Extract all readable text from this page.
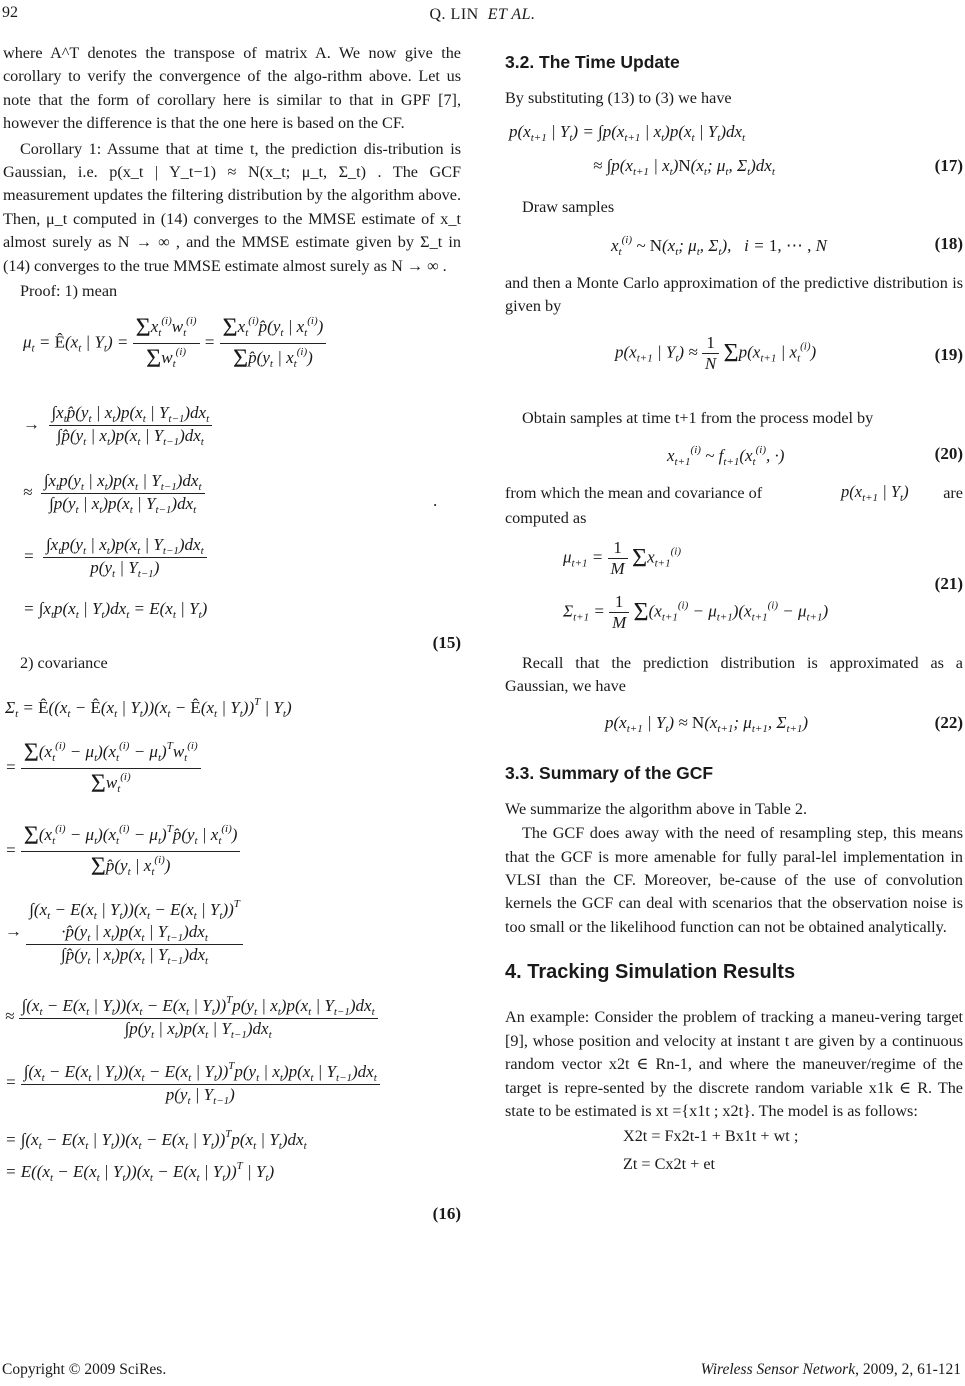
92	Q. LIN ET AL.

where A^T denotes the transpose of matrix A. We now give the corollary to verify the convergence of the algo-rithm above. Let us note that the form of corollary here is similar to that in GPF [7], however the difference is that the one here is based on the CF.

Corollary 1: Assume that at time t, the prediction dis-tribution is Gaussian, i.e. p(x_t | Y_t−1) ≈ N(x_t; μ_t, Σ_t) . The GCF measurement updates the filtering distribution by the algorithm above. Then, μ_t computed in (14) converges to the MMSE estimate of x_t almost surely as N → ∞ , and the MMSE estimate given by Σ_t in (14) converges to the true MMSE estimate almost surely as N → ∞ .

Proof: 1) mean

$\mu_t$ = $Ê(x_t$ | $Y_t) = \frac{\Sigma x_t^{(i)}w_t^{(i)}}{\Sigma w_t^{(i)}} = \frac{\Sigma x_t^{(i)}p̂(y_t | x_t^{(i)})}{\Sigma p̂(y_t | x_t^{(i)})}$
→ $\frac{\int x_tp̂(y_t | x_t)p(x_t | Y_{t-1})dx_t}{\int p̂(y_t | x_t)p(x_t | Y_{t-1})dx_t}$
≈ $\frac{\int x_tp(y_t | x_t)p(x_t | Y_{t-1})dx_t}{\int p(y_t | x_t)p(x_t | Y_{t-1})dx_t}$	.
= $\frac{\int x_tp(y_t | x_t)p(x_t | Y_{t-1})dx_t}{p(y_t | Y_{t-1})}$
= $\int x_tp(x_t$ | $Y_t)dx_t = E(x_t$ | $Y_t$)
(15)

2) covariance

$\Sigma_t$ = $Ê((x_t$ − $Ê(x_t$ | $Y_t))(x_t$ − $Ê(x_t$ | $Y_t))^T$ | $Y_t$)
= $\frac{\Sigma(x_t^{(i)} - \mu_t)(x_t^{(i)} - \mu_t)^Tw_t^{(i)}}{\Sigma w_t^{(i)}}$
= $\frac{\Sigma(x_t^{(i)} - \mu_t)(x_t^{(i)} - \mu_t)^Tp̂(y_t | x_t^{(i)})}{\Sigma p̂(y_t | x_t^{(i)})}$
→
$\int(x_t - E(x_t$ | $Y_t))(x_t - E(x_t$ | $Y_t))^T$
$\cdot p̂(y_t$ | $x_t)p(x_t$ | $Y_{t-1})dx_t$
$\int p̂(y_t$ | $x_t)p(x_t$ | $Y_{t-1})dx_t$
≈
$\int(x_t - E(x_t$ | $Y_t))(x_t - E(x_t$ | $Y_t))^Tp(y_t$ | $x_t)p(x_t$ | $Y_{t-1})dx_t$
$\int p(y_t$ | $x_t)p(x_t$ | $Y_{t-1})dx_t$
=
$\int(x_t - E(x_t$ | $Y_t))(x_t - E(x_t$ | $Y_t))^Tp(y_t$ | $x_t)p(x_t$ | $Y_{t-1})dx_t$
$p(y_t$ | $Y_{t-1}$)
= $\int(x_t - E(x_t$ | $Y_t))(x_t - E(x_t$ | $Y_t))^Tp(x_t$ | $Y_t)dx_t$
= $E((x_t - E(x_t$ | $Y_t))(x_t - E(x_t$ | $Y_t))^T$ | $Y_t$)
(16)

3.2. The Time Update

By substituting (13) to (3) we have

$p(x_{t+1}$ | $Y_t) = \int p(x_{t+1}$ | $x_t)p(x_t$ | $Y_t)dx_t$
≈ $\int p(x_{t+1}$ | $x_t)N(x_t$; $\mu_t$, $\Sigma_t)dx_t$	(17)

Draw samples

$x_t^{(i)}$ ~ $N(x_t$; $\mu_t$, $\Sigma_t$),   i = 1, ⋯ , N	(18)

and then a Monte Carlo approximation of the predictive distribution is given by

$p(x_{t+1}$ | $Y_t) \approx \frac{1}{N} \Sigma p(x_{t+1}$ | $x_t^{(i)}$)	(19)

Obtain samples at time t+1 from the process model by

$x_{t+1}^{(i)}$ ~ $f_{t+1}(x_t^{(i)}$, ·)	(20)
from which the mean and covariance of	$p(x_{t+1}$ | $Y_t$) are
computed as
$\mu_{t+1} = \frac{1}{M} \Sigma x_{t+1}^{(i)}$
$\Sigma_{t+1} = \frac{1}{M} \Sigma(x_{t+1}^{(i)} - \mu_{t+1})(x_{t+1}^{(i)} - \mu_{t+1})$
(21)

Recall that the prediction distribution is approximated as a Gaussian, we have

$p(x_{t+1}$ | $Y_t) \approx N(x_{t+1}$; $\mu_{t+1}$, $\Sigma_{t+1}$)	(22)

3.3. Summary of the GCF

We summarize the algorithm above in Table 2.

The GCF does away with the need of resampling step, this means that the GCF is more amenable for fully paral-lel implementation in VLSI than the CF. Moreover, be-cause of the use of convolution kernels the GCF can deal with scenarios that the observation noise is too small or the likelihood function can not be obtained analytically.

4. Tracking Simulation Results

An example: Consider the problem of tracking a maneu-vering target [9], whose position and velocity at instant t are given by a continuous random vector x2t ∈ Rn-1, and where the maneuver/regime of the target is repre-sented by the discrete random variable x1k ∈ R. The state to be estimated is xt ={x1t ; x2t}. The model is as follows:

X2t = Fx2t-1 + Bx1t + wt ;

Zt = Cx2t + et

Copyright © 2009 SciRes.	Wireless Sensor Network, 2009, 2, 61-121
